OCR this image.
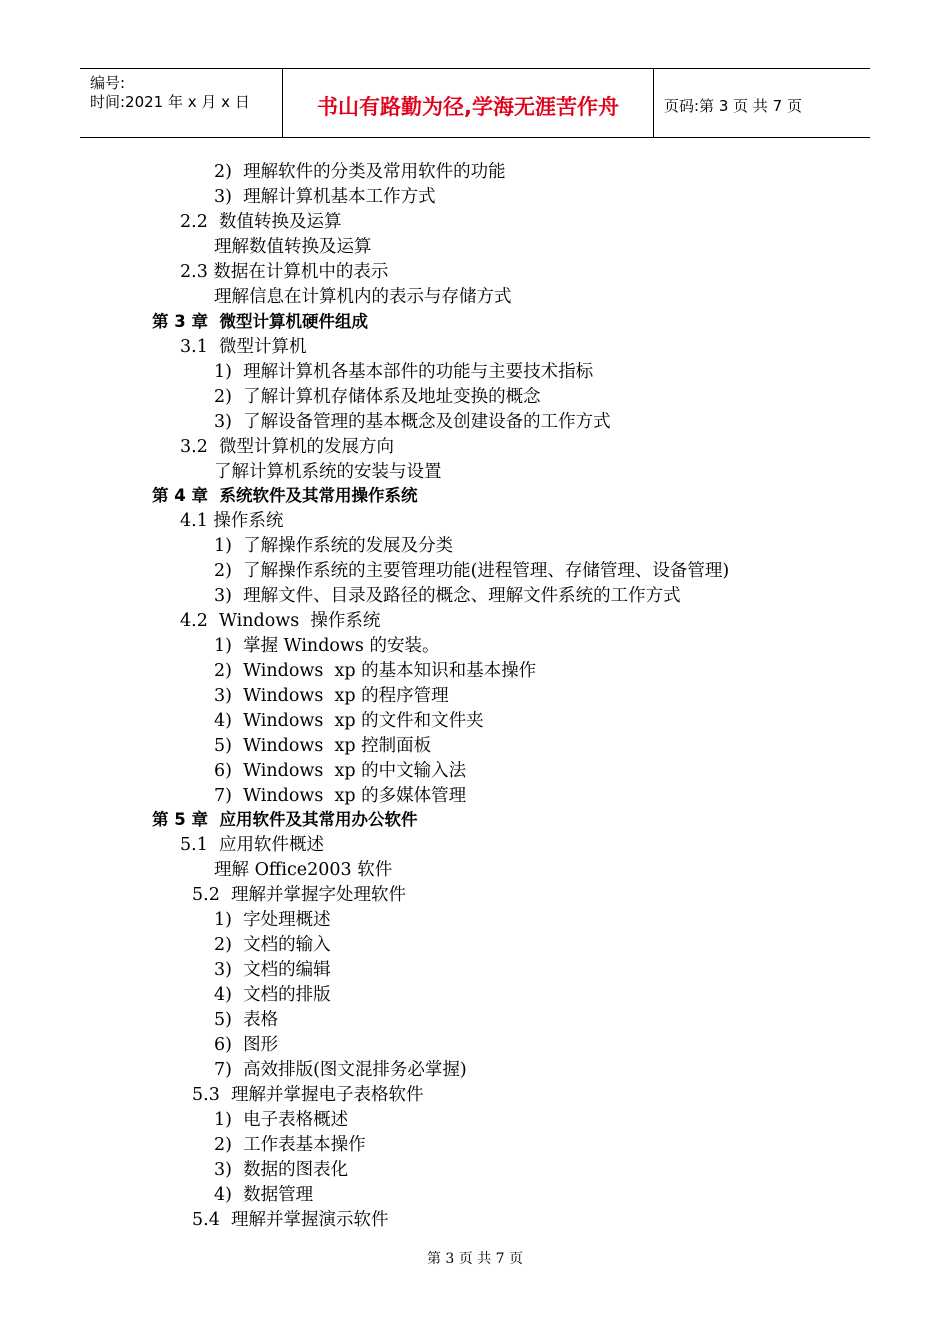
编号:
时间:2021 年 x 月 x 日	书山有路勤为径,学海无涯苦作舟	页码:第 3 页 共 7 页
2)  理解软件的分类及常用软件的功能
3)  理解计算机基本工作方式
2.2  数值转换及运算
理解数值转换及运算
2.3 数据在计算机中的表示
理解信息在计算机内的表示与存储方式
第 3 章  微型计算机硬件组成
3.1  微型计算机
1)  理解计算机各基本部件的功能与主要技术指标
2)  了解计算机存储体系及地址变换的概念
3)  了解设备管理的基本概念及创建设备的工作方式
3.2  微型计算机的发展方向
了解计算机系统的安装与设置
第 4 章  系统软件及其常用操作系统
4.1 操作系统
1)  了解操作系统的发展及分类
2)  了解操作系统的主要管理功能(进程管理、存储管理、设备管理)
3)  理解文件、目录及路径的概念、理解文件系统的工作方式
4.2  Windows  操作系统
1)  掌握 Windows 的安装。
2)  Windows  xp 的基本知识和基本操作
3)  Windows  xp 的程序管理
4)  Windows  xp 的文件和文件夹
5)  Windows  xp 控制面板
6)  Windows  xp 的中文输入法
7)  Windows  xp 的多媒体管理
第 5 章  应用软件及其常用办公软件
5.1  应用软件概述
理解 Office2003 软件
5.2  理解并掌握字处理软件
1)  字处理概述
2)  文档的输入
3)  文档的编辑
4)  文档的排版
5)  表格
6)  图形
7)  高效排版(图文混排务必掌握)
5.3  理解并掌握电子表格软件
1)  电子表格概述
2)  工作表基本操作
3)  数据的图表化
4)  数据管理
5.4  理解并掌握演示软件
第 3 页 共 7 页
